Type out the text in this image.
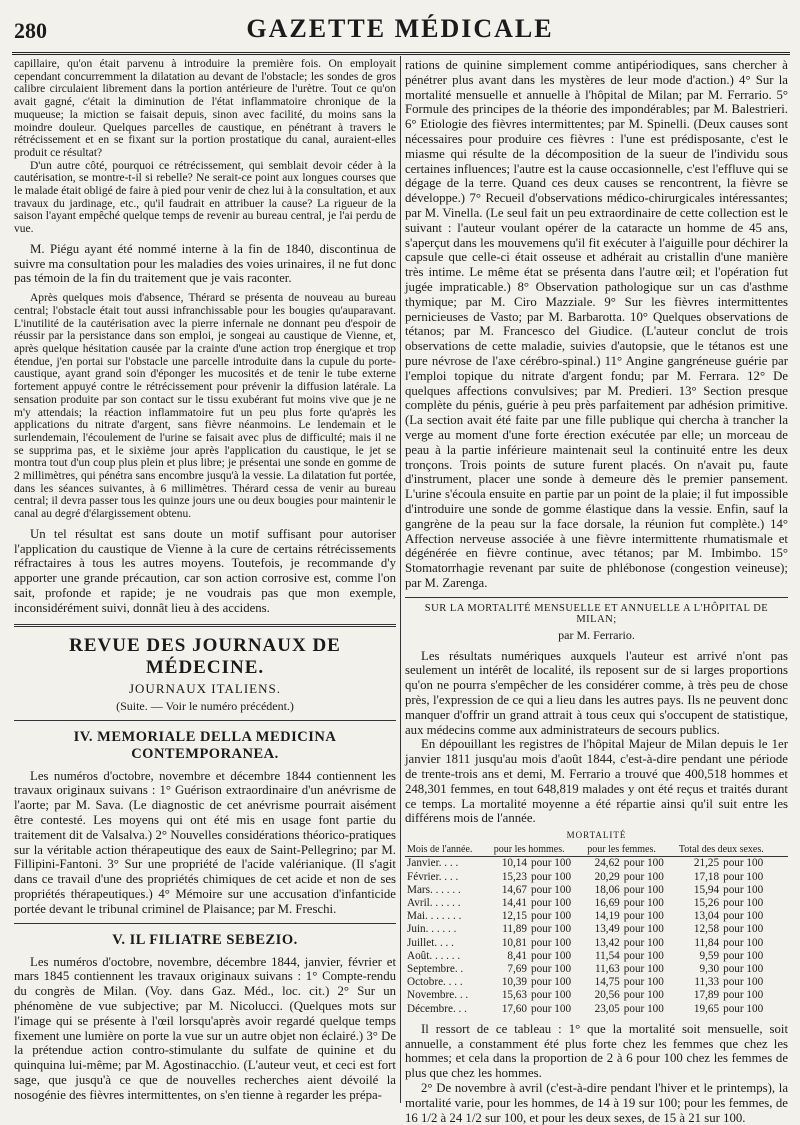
280	GAZETTE MÉDICALE

capillaire, qu'on était parvenu à introduire la première fois. On employait cependant concurremment la dilatation au devant de l'obstacle; les sondes de gros calibre circulaient librement dans la portion antérieure de l'urètre. Tout ce qu'on avait gagné, c'était la diminution de l'état inflammatoire chronique de la muqueuse; la miction se faisait depuis, sinon avec facilité, du moins sans la moindre douleur. Quelques parcelles de caustique, en pénétrant à travers le rétrécissement et en se fixant sur la portion prostatique du canal, auraient-elles produit ce résultat?

D'un autre côté, pourquoi ce rétrécissement, qui semblait devoir céder à la cautérisation, se montre-t-il si rebelle? Ne serait-ce point aux longues courses que le malade était obligé de faire à pied pour venir de chez lui à la consultation, et aux travaux du jardinage, etc., qu'il faudrait en attribuer la cause? La rigueur de la saison l'ayant empêché quelque temps de revenir au bureau central, je l'ai perdu de vue.

M. Piégu ayant été nommé interne à la fin de 1840, discontinua de suivre ma consultation pour les maladies des voies urinaires, il ne fut donc pas témoin de la fin du traitement que je vais raconter.

Après quelques mois d'absence, Thérard se présenta de nouveau au bureau central; l'obstacle était tout aussi infranchissable pour les bougies qu'auparavant. L'inutilité de la cautérisation avec la pierre infernale ne donnant peu d'espoir de réussir par la persistance dans son emploi, je songeai au caustique de Vienne, et, après quelque hésitation causée par la crainte d'une action trop énergique et trop étendue, j'en portai sur l'obstacle une parcelle introduite dans la cupule du porte-caustique, ayant grand soin d'éponger les mucosités et de tenir le tube externe fortement appuyé contre le rétrécissement pour prévenir la diffusion latérale. La sensation produite par son contact sur le tissu exubérant fut moins vive que je ne m'y attendais; la réaction inflammatoire fut un peu plus forte qu'après les applications du nitrate d'argent, sans fièvre néanmoins. Le lendemain et le surlendemain, l'écoulement de l'urine se faisait avec plus de difficulté; mais il ne se supprima pas, et le sixième jour après l'application du caustique, le jet se montra tout d'un coup plus plein et plus libre; je présentai une sonde en gomme de 2 millimètres, qui pénétra sans encombre jusqu'à la vessie. La dilatation fut portée, dans les séances suivantes, à 6 millimètres. Thérard cessa de venir au bureau central; il devra passer tous les quinze jours une ou deux bougies pour maintenir le canal au degré d'élargissement obtenu.

Un tel résultat est sans doute un motif suffisant pour autoriser l'application du caustique de Vienne à la cure de certains rétrécissements réfractaires à tous les autres moyens. Toutefois, je recommande d'y apporter une grande précaution, car son action corrosive est, comme l'on sait, profonde et rapide; je ne voudrais pas que mon exemple, inconsidérément suivi, donnât lieu à des accidens.

REVUE DES JOURNAUX DE MÉDECINE.
JOURNAUX ITALIENS.
(Suite. — Voir le numéro précédent.)
IV. MEMORIALE DELLA MEDICINA CONTEMPORANEA.

Les numéros d'octobre, novembre et décembre 1844 contiennent les travaux originaux suivans : 1° Guérison extraordinaire d'un anévrisme de l'aorte; par M. Sava. (Le diagnostic de cet anévrisme pourrait aisément être contesté. Les moyens qui ont été mis en usage font partie du traitement dit de Valsalva.) 2° Nouvelles considérations théorico-pratiques sur la véritable action thérapeutique des eaux de Saint-Pellegrino; par M. Fillipini-Fantoni. 3° Sur une propriété de l'acide valérianique. (Il s'agit dans ce travail d'une des propriétés chimiques de cet acide et non de ses propriétés thérapeutiques.) 4° Mémoire sur une accusation d'infanticide portée devant le tribunal criminel de Plaisance; par M. Freschi.

V. IL FILIATRE SEBEZIO.

Les numéros d'octobre, novembre, décembre 1844, janvier, février et mars 1845 contiennent les travaux originaux suivans : 1° Compte-rendu du congrès de Milan. (Voy. dans Gaz. Méd., loc. cit.) 2° Sur un phénomène de vue subjective; par M. Nicolucci. (Quelques mots sur l'image qui se présente à l'œil lorsqu'après avoir regardé quelque temps fixement une lumière on porte la vue sur un autre objet non éclairé.) 3° De la prétendue action contro-stimulante du sulfate de quinine et du quinquina lui-même; par M. Agostinacchio. (L'auteur veut, et ceci est fort sage, que jusqu'à ce que de nouvelles recherches aient dévoilé la nosogénie des fièvres intermittentes, on s'en tienne à regarder les prépa-

rations de quinine simplement comme antipériodiques, sans chercher à pénétrer plus avant dans les mystères de leur mode d'action.) 4° Sur la mortalité mensuelle et annuelle à l'hôpital de Milan; par M. Ferrario. 5° Formule des principes de la théorie des impondérables; par M. Balestrieri. 6° Etiologie des fièvres intermittentes; par M. Spinelli. (Deux causes sont nécessaires pour produire ces fièvres : l'une est prédisposante, c'est le miasme qui résulte de la décomposition de la sueur de l'individu sous certaines influences; l'autre est la cause occasionnelle, c'est l'effluve qui se dégage de la terre. Quand ces deux causes se rencontrent, la fièvre se développe.) 7° Recueil d'observations médico-chirurgicales intéressantes; par M. Vinella. (Le seul fait un peu extraordinaire de cette collection est le suivant : l'auteur voulant opérer de la cataracte un homme de 45 ans, s'aperçut dans les mouvemens qu'il fit exécuter à l'aiguille pour déchirer la capsule que celle-ci était osseuse et adhérait au cristallin d'une manière très intime. Le même état se présenta dans l'autre œil; et l'opération fut jugée impraticable.) 8° Observation pathologique sur un cas d'asthme thymique; par M. Ciro Mazziale. 9° Sur les fièvres intermittentes pernicieuses de Vasto; par M. Barbarotta. 10° Quelques observations de tétanos; par M. Francesco del Giudice. (L'auteur conclut de trois observations de cette maladie, suivies d'autopsie, que le tétanos est une pure névrose de l'axe cérébro-spinal.) 11° Angine gangréneuse guérie par l'emploi topique du nitrate d'argent fondu; par M. Ferrara. 12° De quelques affections convulsives; par M. Predieri. 13° Section presque complète du pénis, guérie à peu près parfaitement par adhésion primitive. (La section avait été faite par une fille publique qui chercha à trancher la verge au moment d'une forte érection exécutée par elle; un morceau de peau à la partie inférieure maintenait seul la continuité entre les deux tronçons. Trois points de suture furent placés. On n'avait pu, faute d'instrument, placer une sonde à demeure dès le premier pansement. L'urine s'écoula ensuite en partie par un point de la plaie; il fut impossible d'introduire une sonde de gomme élastique dans la vessie. Enfin, sauf la gangrène de la peau sur la face dorsale, la réunion fut complète.) 14° Affection nerveuse associée à une fièvre intermittente rhumatismale et dégénérée en fièvre continue, avec tétanos; par M. Imbimbo. 15° Stomatorrhagie revenant par suite de phlébonose (congestion veineuse); par M. Zarenga.

SUR LA MORTALITÉ MENSUELLE ET ANNUELLE A L'HÔPITAL DE MILAN;
par M. Ferrario.

Les résultats numériques auxquels l'auteur est arrivé n'ont pas seulement un intérêt de localité, ils reposent sur de si larges proportions qu'on ne pourra s'empêcher de les considérer comme, à très peu de chose près, l'expression de ce qui a lieu dans les autres pays. Ils ne peuvent donc manquer d'offrir un grand attrait à tous ceux qui s'occupent de statistique, aux médecins comme aux administrateurs de secours publics.

En dépouillant les registres de l'hôpital Majeur de Milan depuis le 1er janvier 1811 jusqu'au mois d'août 1844, c'est-à-dire pendant une période de trente-trois ans et demi, M. Ferrario a trouvé que 400,518 hommes et 248,301 femmes, en tout 648,819 malades y ont été reçus et traités durant ce temps. La mortalité moyenne a été répartie ainsi qu'il suit entre les différens mois de l'année.

MORTALITÉ
Mois de l'année.	pour les hommes.		pour les femmes.		Total des deux sexes.	
Janvier. . . .	10,14	pour 100	24,62	pour 100	21,25	pour 100
Février. . . .	15,23	pour 100	20,29	pour 100	17,18	pour 100
Mars. . . . . .	14,67	pour 100	18,06	pour 100	15,94	pour 100
Avril. . . . . .	14,41	pour 100	16,69	pour 100	15,26	pour 100
Mai. . . . . . .	12,15	pour 100	14,19	pour 100	13,04	pour 100
Juin. . . . . .	11,89	pour 100	13,49	pour 100	12,58	pour 100
Juillet. . . .	10,81	pour 100	13,42	pour 100	11,84	pour 100
Août. . . . . .	8,41	pour 100	11,54	pour 100	9,59	pour 100
Septembre. .	7,69	pour 100	11,63	pour 100	9,30	pour 100
Octobre. . . .	10,39	pour 100	14,75	pour 100	11,33	pour 100
Novembre. . .	15,63	pour 100	20,56	pour 100	17,89	pour 100
Décembre. . .	17,60	pour 100	23,05	pour 100	19,65	pour 100

Il ressort de ce tableau : 1° que la mortalité soit mensuelle, soit annuelle, a constamment été plus forte chez les femmes que chez les hommes; et cela dans la proportion de 2 à 6 pour 100 chez les femmes de plus que chez les hommes.

2° De novembre à avril (c'est-à-dire pendant l'hiver et le printemps), la mortalité varie, pour les hommes, de 14 à 19 sur 100; pour les femmes, de 16 1/2 à 24 1/2 sur 100, et pour les deux sexes, de 15 à 21 sur 100.
